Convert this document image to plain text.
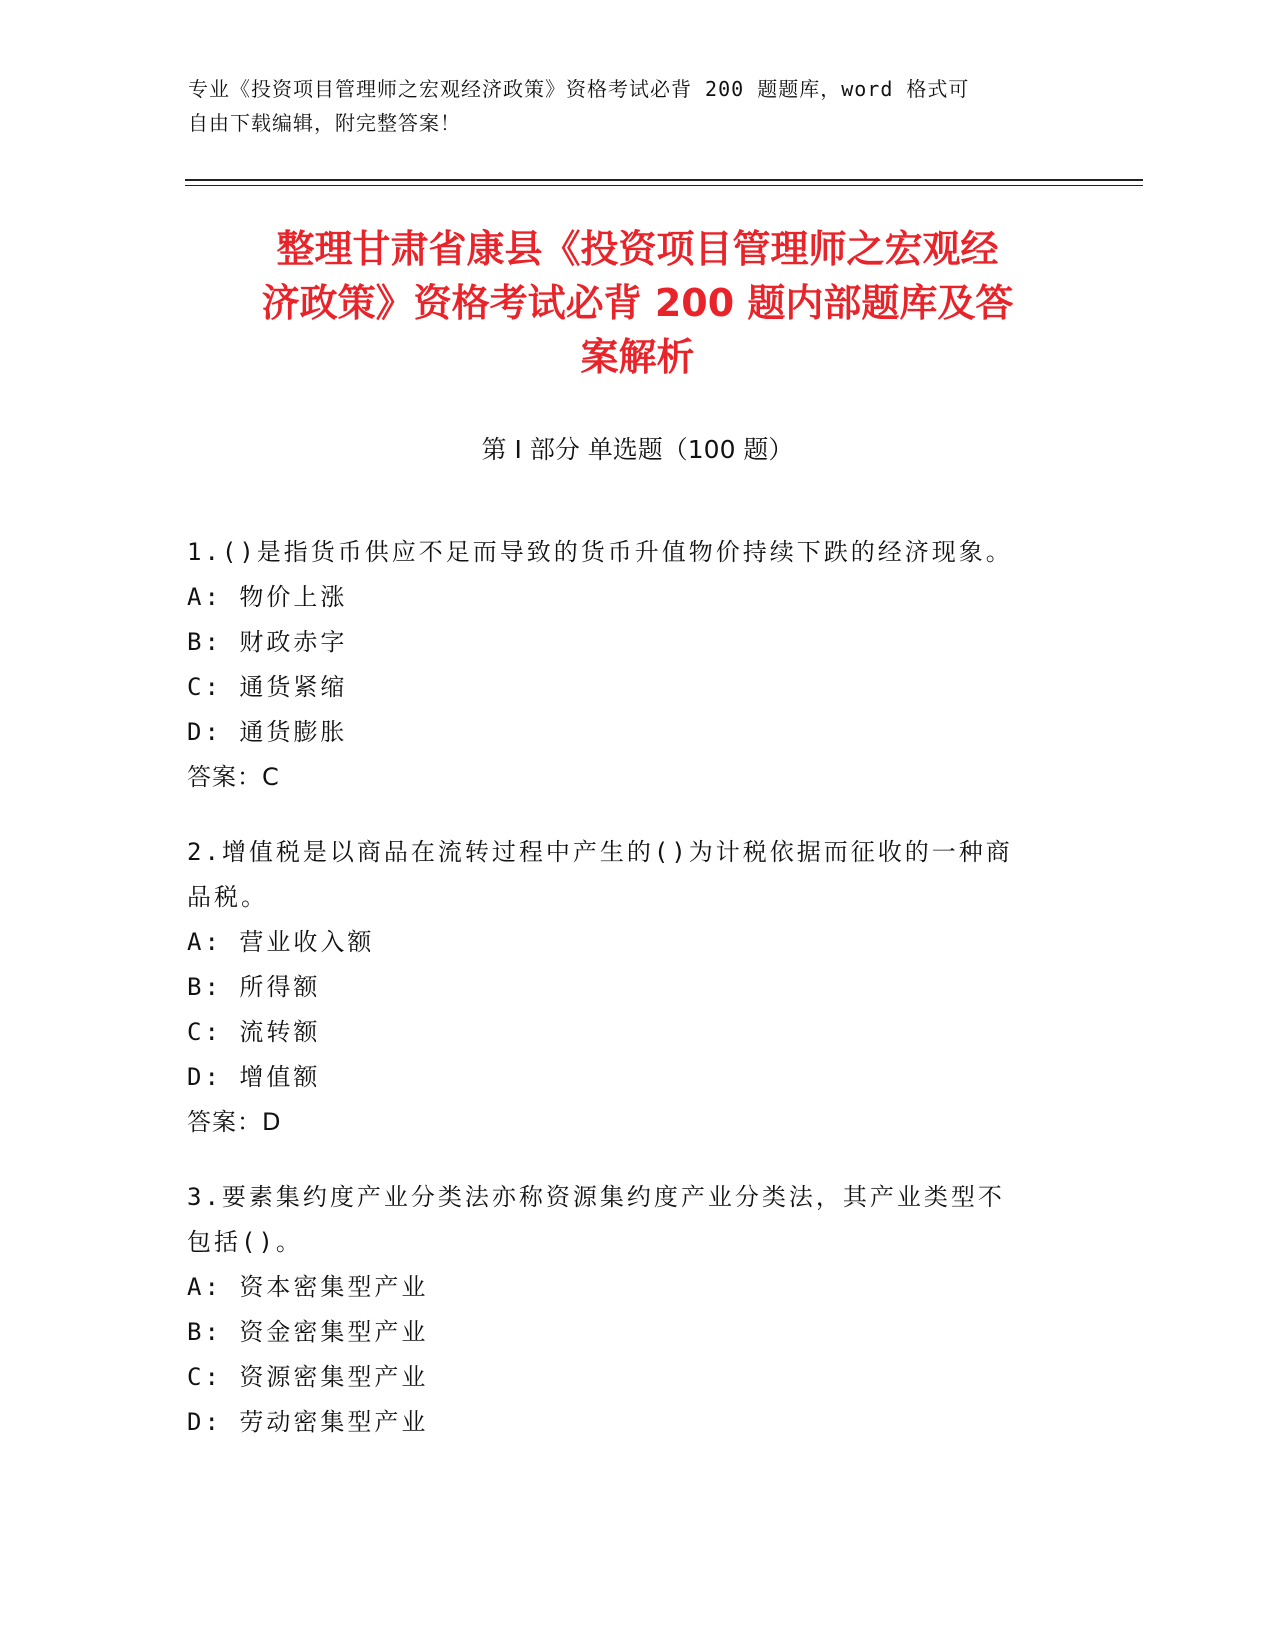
专业《投资项目管理师之宏观经济政策》资格考试必背 200 题题库，word 格式可
自由下载编辑，附完整答案！
整理甘肃省康县《投资项目管理师之宏观经
济政策》资格考试必背 200 题内部题库及答
案解析
第 I 部分 单选题（100 题）
1.()是指货币供应不足而导致的货币升值物价持续下跌的经济现象。
A: 物价上涨
B: 财政赤字
C: 通货紧缩
D: 通货膨胀
答案：C
2.增值税是以商品在流转过程中产生的()为计税依据而征收的一种商
品税。
A: 营业收入额
B: 所得额
C: 流转额
D: 增值额
答案：D
3.要素集约度产业分类法亦称资源集约度产业分类法，其产业类型不
包括()。
A: 资本密集型产业
B: 资金密集型产业
C: 资源密集型产业
D: 劳动密集型产业
